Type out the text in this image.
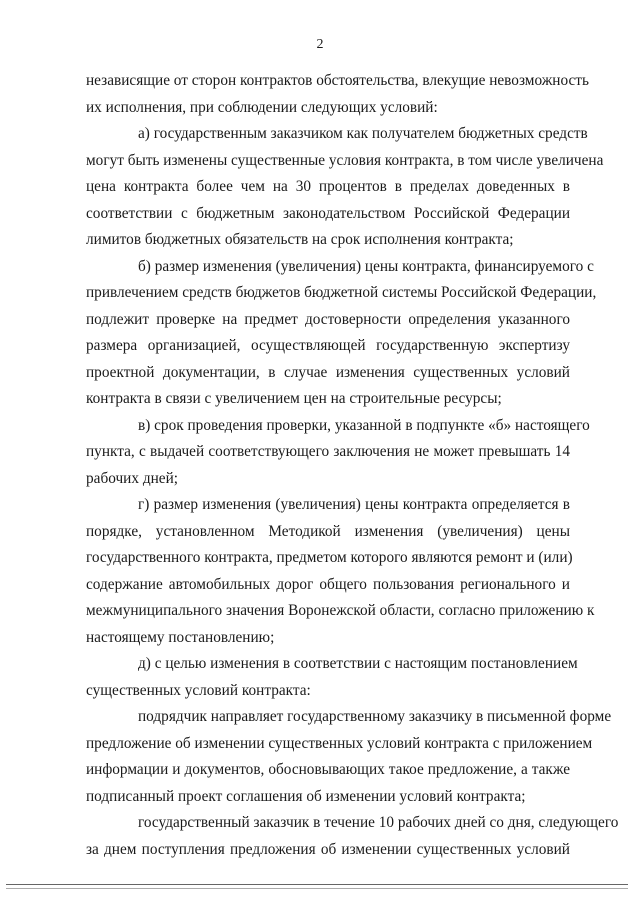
2
независящие от сторон контрактов обстоятельства, влекущие невозможность
их исполнения, при соблюдении следующих условий:
а) государственным заказчиком как получателем бюджетных средств
могут быть изменены существенные условия контракта, в том числе увеличена
цена контракта более чем на 30 процентов в пределах доведенных в
соответствии с бюджетным законодательством Российской Федерации
лимитов бюджетных обязательств на срок исполнения контракта;
б) размер изменения (увеличения) цены контракта, финансируемого с
привлечением средств бюджетов бюджетной системы Российской Федерации,
подлежит проверке на предмет достоверности определения указанного
размера организацией, осуществляющей государственную экспертизу
проектной документации, в случае изменения существенных условий
контракта в связи с увеличением цен на строительные ресурсы;
в) срок проведения проверки, указанной в подпункте «б» настоящего
пункта, с выдачей соответствующего заключения не может превышать 14
рабочих дней;
г) размер изменения (увеличения) цены контракта определяется в
порядке, установленном Методикой изменения (увеличения) цены
государственного контракта, предметом которого являются ремонт и (или)
содержание автомобильных дорог общего пользования регионального и
межмуниципального значения Воронежской области, согласно приложению к
настоящему постановлению;
д) с целью изменения в соответствии с настоящим постановлением
существенных условий контракта:
подрядчик направляет государственному заказчику в письменной форме
предложение об изменении существенных условий контракта с приложением
информации и документов, обосновывающих такое предложение, а также
подписанный проект соглашения об изменении условий контракта;
государственный заказчик в течение 10 рабочих дней со дня, следующего
за днем поступления предложения об изменении существенных условий
